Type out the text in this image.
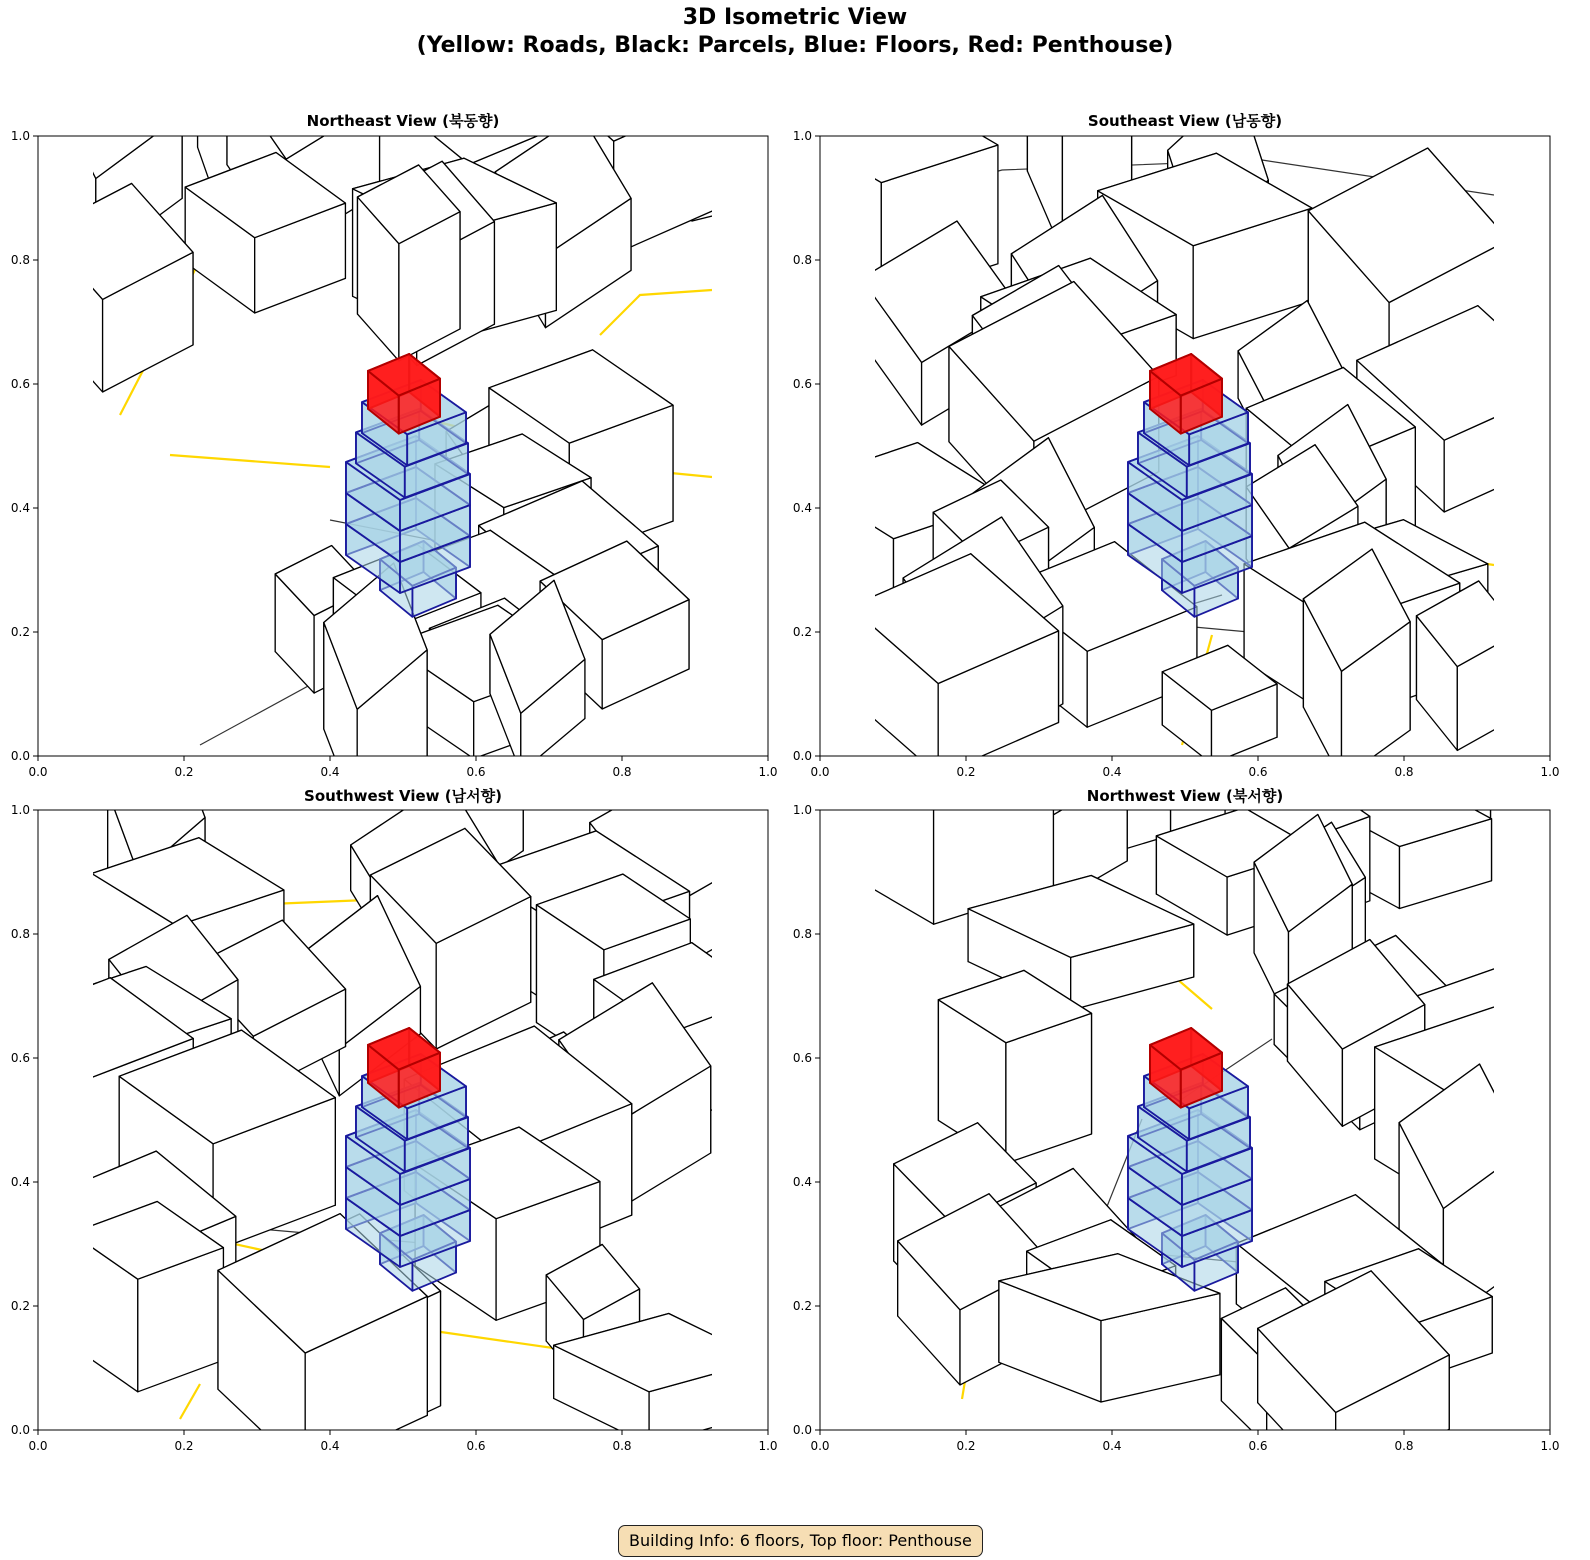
3D Isometric View
(Yellow: Roads, Black: Parcels, Blue: Floors, Red: Penthouse)
Northeast View (북동향)	Southeast View (남동향)
Southwest View (남서향)	Northwest View (북서향)
0.0
0.0
0.2
0.2
0.4
0.4
0.6
0.6
0.8
0.8
1.0
1.0
0.0
0.0
0.2
0.2
0.4
0.4
0.6
0.6
0.8
0.8
1.0
1.0
0.0
0.0
0.2
0.2
0.4
0.4
0.6
0.6
0.8
0.8
1.0
1.0
0.0
0.0
0.2
0.2
0.4
0.4
0.6
0.6
0.8
0.8
1.0
1.0
Building Info: 6 floors, Top floor: Penthouse
